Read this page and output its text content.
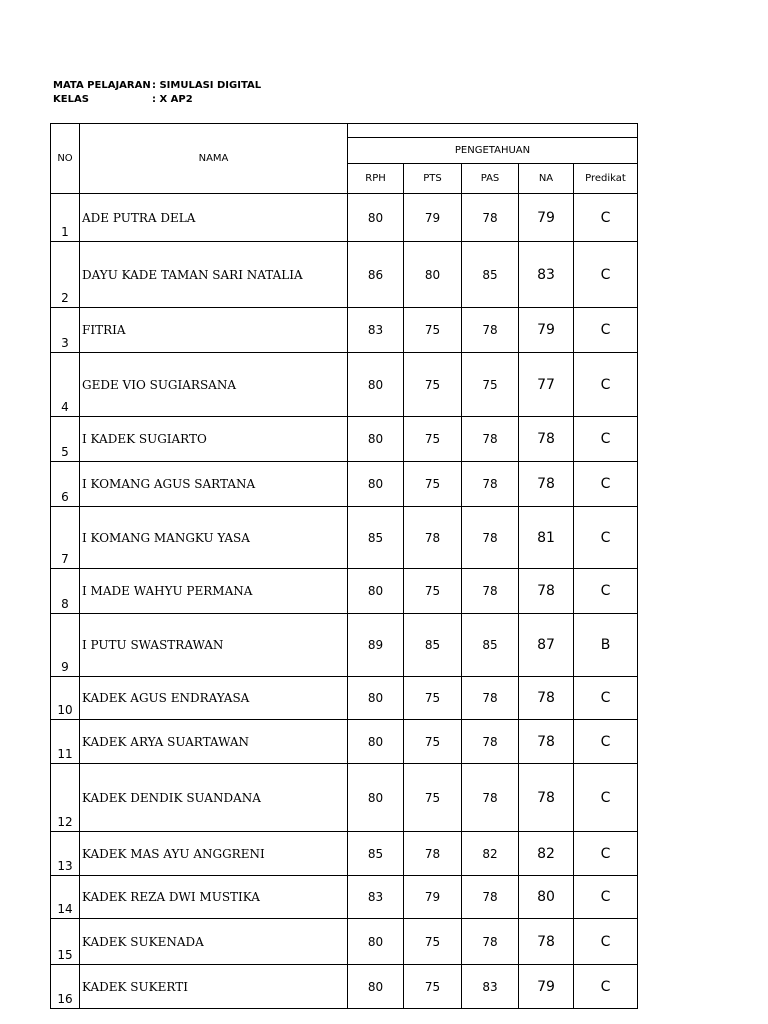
MATA PELAJARAN: SIMULASI DIGITAL
KELAS	: X AP2
NO	NAMA					
		PENGETAHUAN				
		RPH	PTS	PAS	NA	Predikat
1	ADE PUTRA DELA	80	79	78	79	C
2	DAYU KADE TAMAN SARI NATALIA	86	80	85	83	C
3	FITRIA	83	75	78	79	C
4	GEDE VIO SUGIARSANA	80	75	75	77	C
5	I KADEK SUGIARTO	80	75	78	78	C
6	I KOMANG AGUS SARTANA	80	75	78	78	C
7	I KOMANG MANGKU YASA	85	78	78	81	C
8	I MADE WAHYU PERMANA	80	75	78	78	C
9	I PUTU SWASTRAWAN	89	85	85	87	B
10	KADEK AGUS ENDRAYASA	80	75	78	78	C
11	KADEK ARYA SUARTAWAN	80	75	78	78	C
12	KADEK DENDIK SUANDANA	80	75	78	78	C
13	KADEK MAS AYU ANGGRENI	85	78	82	82	C
14	KADEK REZA DWI MUSTIKA	83	79	78	80	C
15	KADEK SUKENADA	80	75	78	78	C
16	KADEK SUKERTI	80	75	83	79	C
